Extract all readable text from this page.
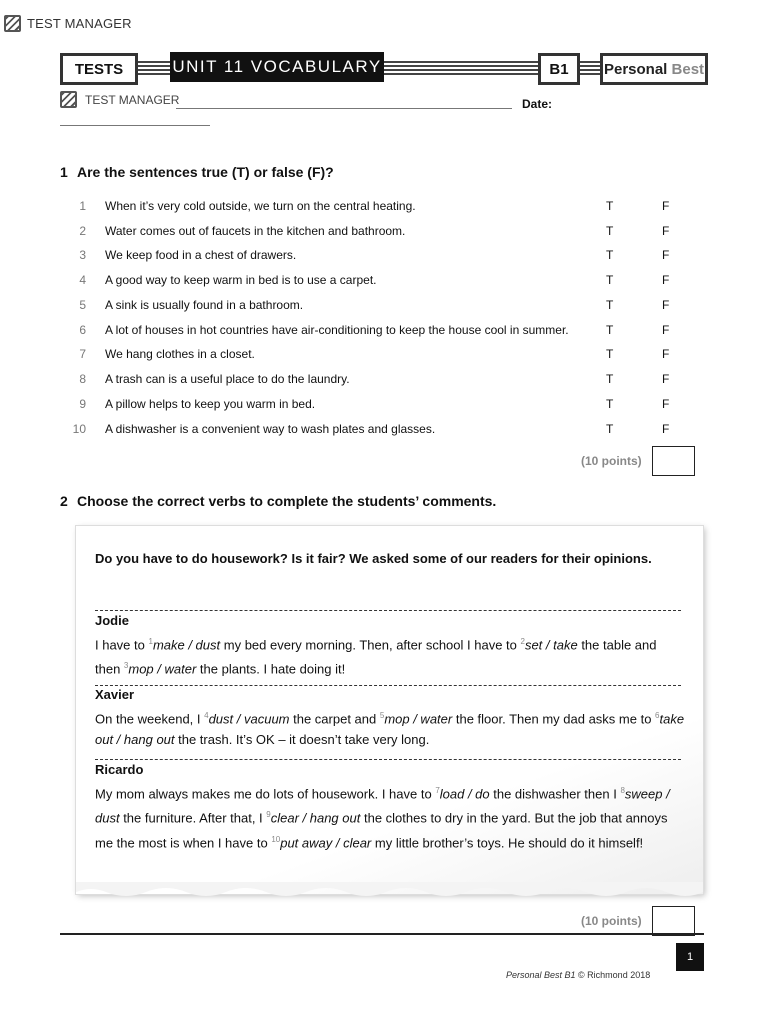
TEST MANAGER
TESTS	UNIT 11 VOCABULARY	B1 Personal
Best
TEST MANAGER	Date:
1 Are the sentences true (T) or false (F)?
1 When it’s very cold outside, we turn on the central heating.	T	F
2 Water comes out of faucets in the kitchen and bathroom.	T	F
3 We keep food in a chest of drawers.	T	F
4 A good way to keep warm in bed is to use a carpet.	T	F
5 A sink is usually found in a bathroom.	T	F
6 A lot of houses in hot countries have air-conditioning to keep the house cool in summer.	T	F
7 We hang clothes in a closet.	T	F
8 A trash can is a useful place to do the laundry.	T	F
9 A pillow helps to keep you warm in bed.	T	F
10 A dishwasher is a convenient way to wash plates and glasses.	T	F
(10 points)
2 Choose the correct verbs to complete the students’ comments.
Do you have to do housework? Is it fair? We asked some of our readers for their opinions.
Jodie
I have to $^1$make / dust my bed every morning. Then, after school I have to $^2$set / take the table and then $^3$mop / water the plants. I hate doing it!
Xavier
On the weekend, I $^4$dust / vacuum the carpet and $^5$mop / water the floor. Then my dad asks me to $^6$take out / hang out the trash. It’s OK – it doesn’t take very long.
Ricardo
My mom always makes me do lots of housework. I have to $^7$load / do the dishwasher then I $^8$sweep / dust the furniture. After that, I $^9$clear / hang out the clothes to dry in the yard. But the job that annoys me the most is when I have to $^{10}$put away / clear my little brother’s toys. He should do it himself!
(10 points)
1
Personal Best B1 © Richmond 2018
